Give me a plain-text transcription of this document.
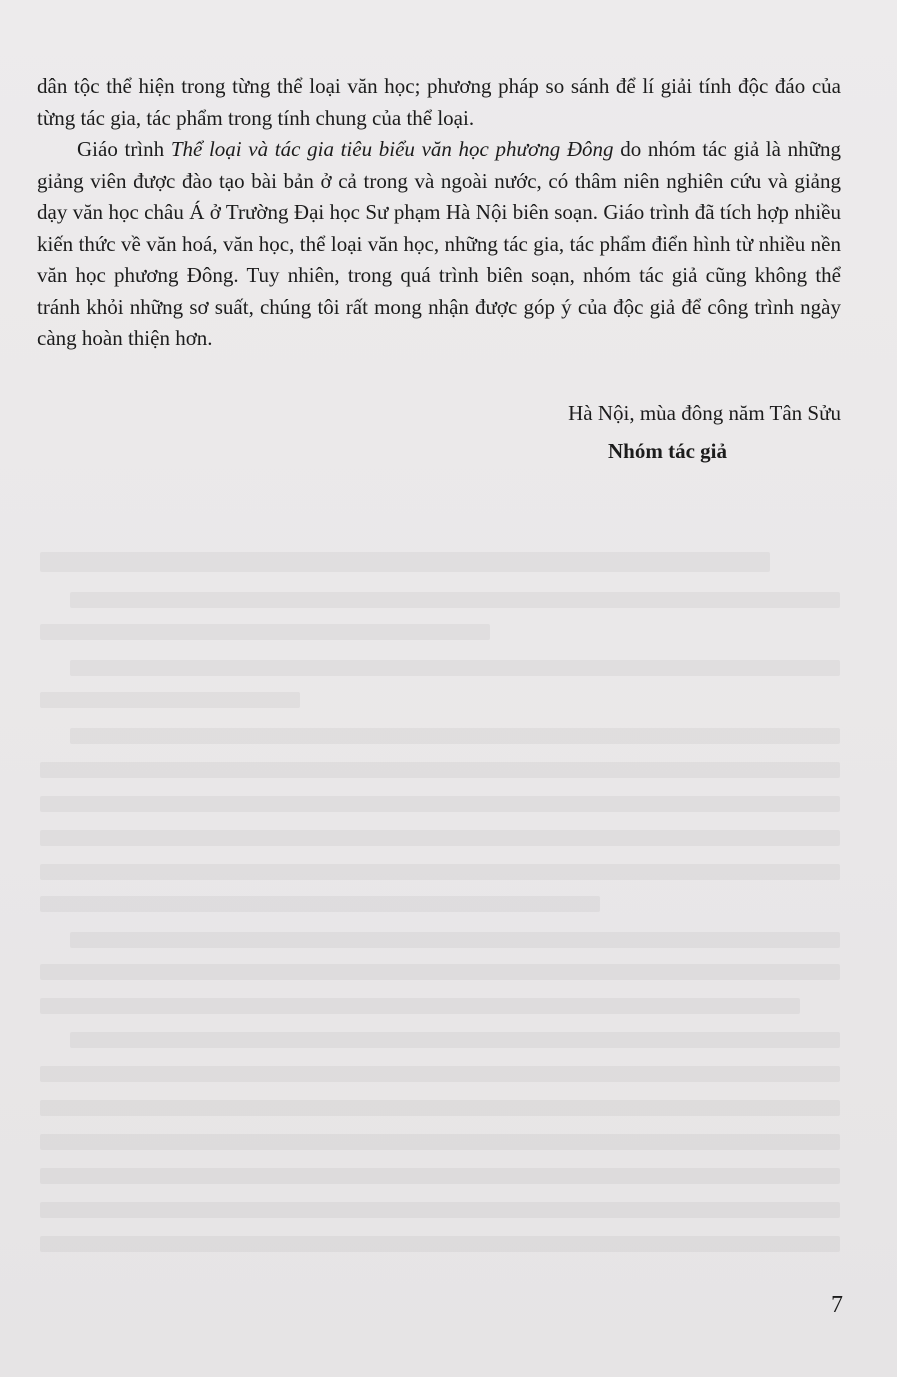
dân tộc thể hiện trong từng thể loại văn học; phương pháp so sánh để lí giải tính độc đáo của từng tác gia, tác phẩm trong tính chung của thể loại.

Giáo trình Thể loại và tác gia tiêu biểu văn học phương Đông do nhóm tác giả là những giảng viên được đào tạo bài bản ở cả trong và ngoài nước, có thâm niên nghiên cứu và giảng dạy văn học châu Á ở Trường Đại học Sư phạm Hà Nội biên soạn. Giáo trình đã tích hợp nhiều kiến thức về văn hoá, văn học, thể loại văn học, những tác gia, tác phẩm điển hình từ nhiều nền văn học phương Đông. Tuy nhiên, trong quá trình biên soạn, nhóm tác giả cũng không thể tránh khỏi những sơ suất, chúng tôi rất mong nhận được góp ý của độc giả để công trình ngày càng hoàn thiện hơn.

Hà Nội, mùa đông năm Tân Sửu
Nhóm tác giả
7
